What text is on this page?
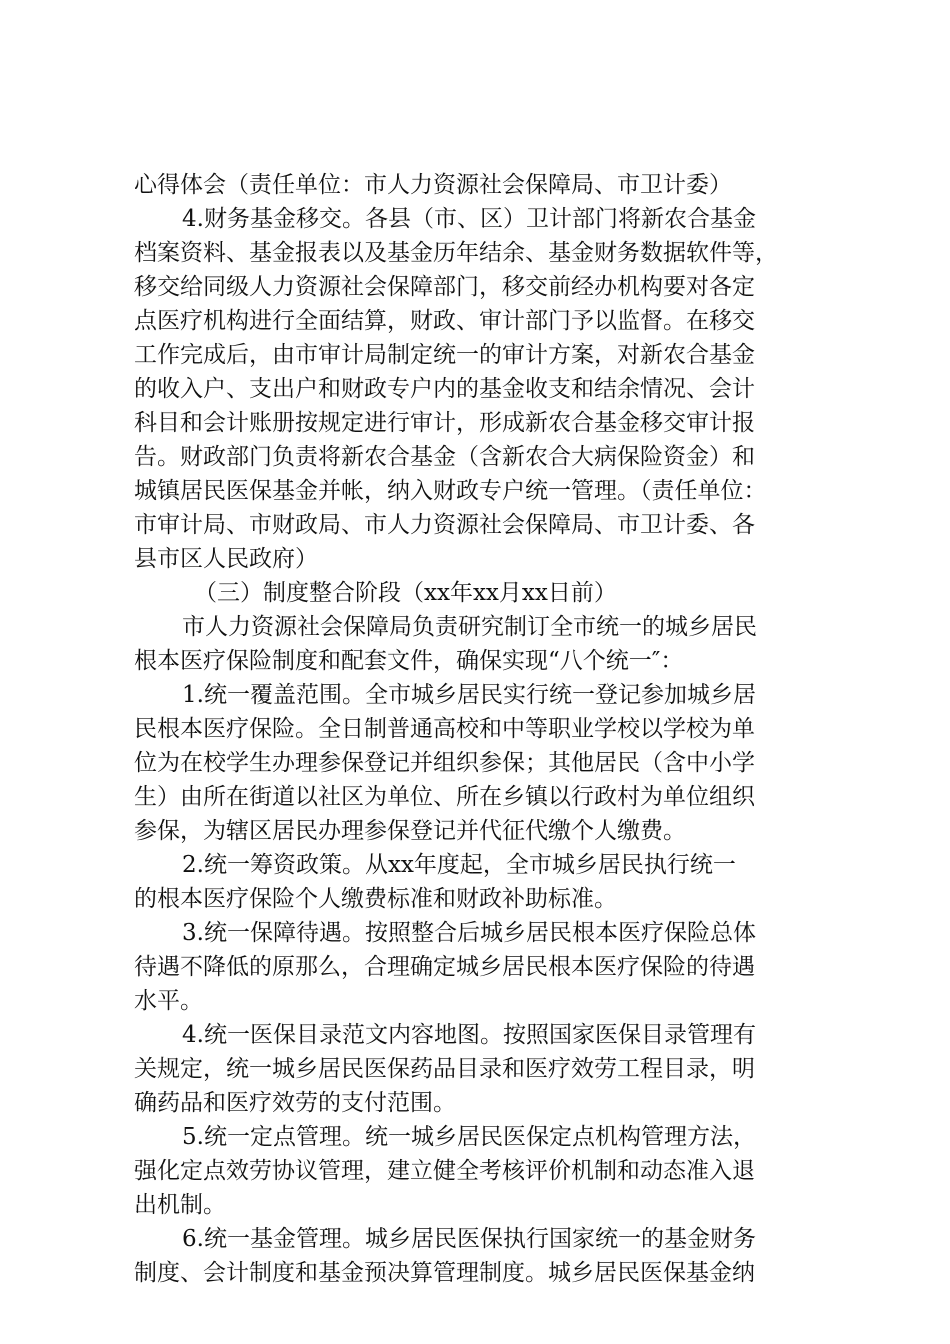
心得体会（责任单位：市人力资源社会保障局、市卫计委）
4.财务基金移交。各县（市、区）卫计部门将新农合基金
档案资料、基金报表以及基金历年结余、基金财务数据软件等，
移交给同级人力资源社会保障部门，移交前经办机构要对各定
点医疗机构进行全面结算，财政、审计部门予以监督。在移交
工作完成后，由市审计局制定统一的审计方案，对新农合基金
的收入户、支出户和财政专户内的基金收支和结余情况、会计
科目和会计账册按规定进行审计，形成新农合基金移交审计报
告。财政部门负责将新农合基金（含新农合大病保险资金）和
城镇居民医保基金并帐，纳入财政专户统一管理。（责任单位：
市审计局、市财政局、市人力资源社会保障局、市卫计委、各
县市区人民政府）
（三）制度整合阶段（xx年xx月xx日前）
市人力资源社会保障局负责研究制订全市统一的城乡居民
根本医疗保险制度和配套文件，确保实现“八个统一″：
1.统一覆盖范围。全市城乡居民实行统一登记参加城乡居
民根本医疗保险。全日制普通高校和中等职业学校以学校为单
位为在校学生办理参保登记并组织参保；其他居民（含中小学
生）由所在街道以社区为单位、所在乡镇以行政村为单位组织
参保，为辖区居民办理参保登记并代征代缴个人缴费。
2.统一筹资政策。从xx年度起，全市城乡居民执行统一
的根本医疗保险个人缴费标准和财政补助标准。
3.统一保障待遇。按照整合后城乡居民根本医疗保险总体
待遇不降低的原那么，合理确定城乡居民根本医疗保险的待遇
水平。
4.统一医保目录范文内容地图。按照国家医保目录管理有
关规定，统一城乡居民医保药品目录和医疗效劳工程目录，明
确药品和医疗效劳的支付范围。
5.统一定点管理。统一城乡居民医保定点机构管理方法，
强化定点效劳协议管理，建立健全考核评价机制和动态准入退
出机制。
6.统一基金管理。城乡居民医保执行国家统一的基金财务
制度、会计制度和基金预决算管理制度。城乡居民医保基金纳
